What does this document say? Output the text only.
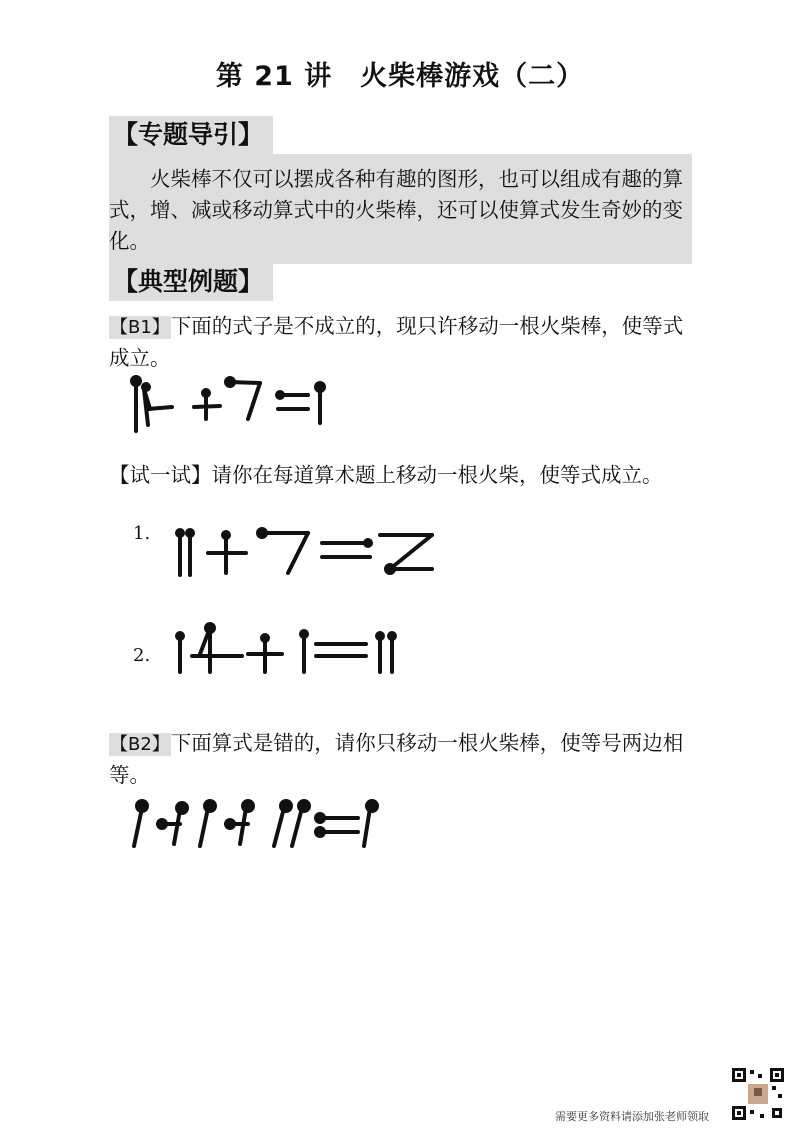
第 21 讲　火柴棒游戏（二）
【专题导引】

火柴棒不仅可以摆成各种有趣的图形，也可以组成有趣的算式，增、减或移动算式中的火柴棒，还可以使算式发生奇妙的变化。

【典型例题】

【B1】下面的式子是不成立的，现只许移动一根火柴棒，使等式成立。

【试一试】请你在每道算术题上移动一根火柴，使等式成立。

1.
2.

【B2】下面算式是错的，请你只移动一根火柴棒，使等号两边相等。

需要更多资料请添加张老师领取
